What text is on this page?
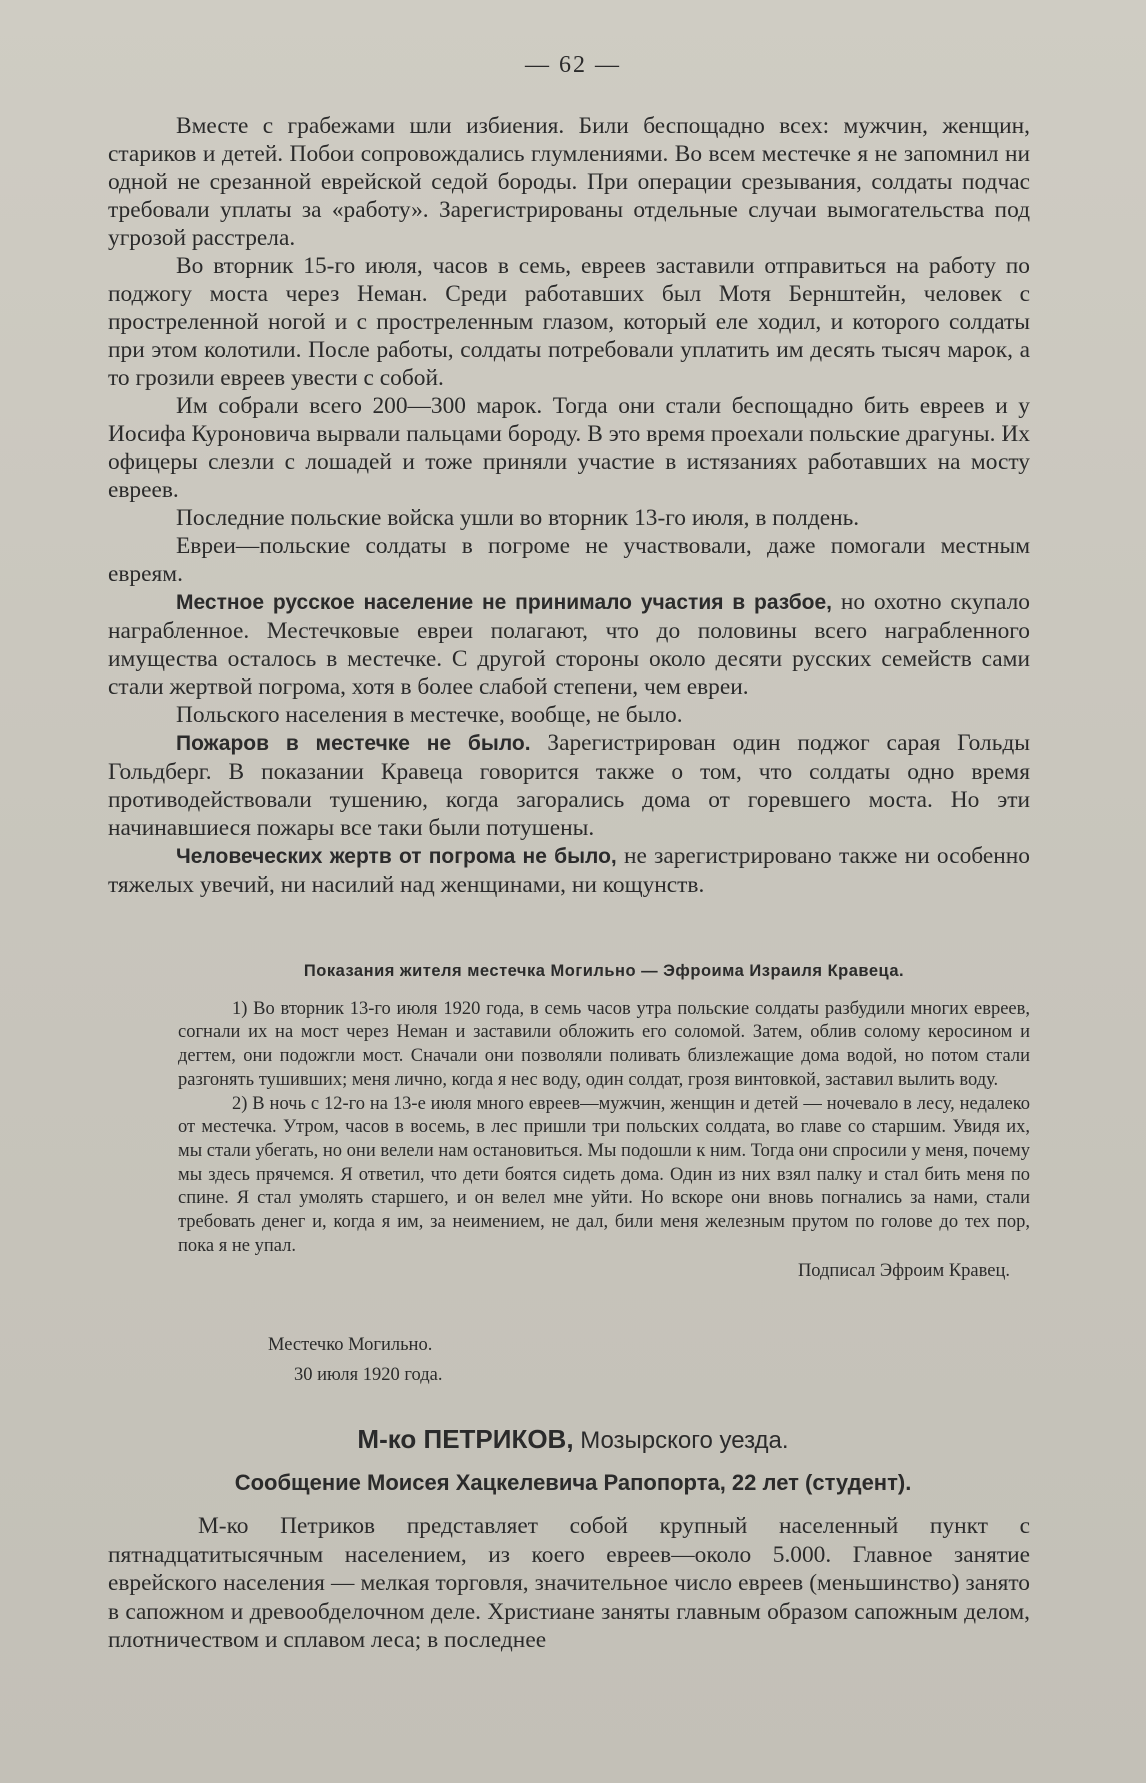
— 62 —

Вместе с грабежами шли избиения. Били беспощадно всех: мужчин, женщин, стариков и детей. Побои сопровождались глумлениями. Во всем местечке я не запомнил ни одной не срезанной еврейской седой бороды. При операции срезывания, солдаты подчас требовали уплаты за «работу». Зарегистрированы отдельные случаи вымогательства под угрозой расстрела.

Во вторник 15-го июля, часов в семь, евреев заставили отправиться на работу по поджогу моста через Неман. Среди работавших был Мотя Бернштейн, человек с простреленной ногой и с простреленным глазом, который еле ходил, и которого солдаты при этом колотили. После работы, солдаты потребовали уплатить им десять тысяч марок, а то грозили евреев увести с собой.

Им собрали всего 200—300 марок. Тогда они стали беспощадно бить евреев и у Иосифа Куроновича вырвали пальцами бороду. В это время проехали польские драгуны. Их офицеры слезли с лошадей и тоже приняли участие в истязаниях работавших на мосту евреев.

Последние польские войска ушли во вторник 13-го июля, в полдень.

Евреи—польские солдаты в погроме не участвовали, даже помогали местным евреям.

Местное русское население не принимало участия в разбое, но охотно скупало награбленное. Местечковые евреи полагают, что до половины всего награбленного имущества осталось в местечке. С другой стороны около десяти русских семейств сами стали жертвой погрома, хотя в более слабой степени, чем евреи.

Польского населения в местечке, вообще, не было.

Пожаров в местечке не было. Зарегистрирован один поджог сарая Гольды Гольдберг. В показании Кравеца говорится также о том, что солдаты одно время противодействовали тушению, когда загорались дома от горевшего моста. Но эти начинавшиеся пожары все таки были потушены.

Человеческих жертв от погрома не было, не зарегистрировано также ни особенно тяжелых увечий, ни насилий над женщинами, ни кощунств.

Показания жителя местечка Могильно — Эфроима Израиля Кравеца.

1) Во вторник 13-го июля 1920 года, в семь часов утра польские солдаты разбудили многих евреев, согнали их на мост через Неман и заставили обложить его соломой. Затем, облив солому керосином и дегтем, они подожгли мост. Сначали они позволяли поливать близлежащие дома водой, но потом стали разгонять тушивших; меня лично, когда я нес воду, один солдат, грозя винтовкой, заставил вылить воду.

2) В ночь с 12-го на 13-е июля много евреев—мужчин, женщин и детей — ночевало в лесу, недалеко от местечка. Утром, часов в восемь, в лес пришли три польских солдата, во главе со старшим. Увидя их, мы стали убегать, но они велели нам остановиться. Мы подошли к ним. Тогда они спросили у меня, почему мы здесь прячемся. Я ответил, что дети боятся сидеть дома. Один из них взял палку и стал бить меня по спине. Я стал умолять старшего, и он велел мне уйти. Но вскоре они вновь погнались за нами, стали требовать денег и, когда я им, за неимением, не дал, били меня железным прутом по голове до тех пор, пока я не упал.

Подписал Эфроим Кравец.
Местечко Могильно.
30 июля 1920 года.
М-ко ПЕТРИКОВ, Мозырского уезда.
Сообщение Моисея Хацкелевича Рапопорта, 22 лет (студент).

М-ко Петриков представляет собой крупный населенный пункт с пятнадцатитысячным населением, из коего евреев—около 5.000. Главное занятие еврейского населения — мелкая торговля, значительное число евреев (меньшинство) занято в сапожном и древообделочном деле. Христиане заняты главным образом сапожным делом, плотничеством и сплавом леса; в последнее
